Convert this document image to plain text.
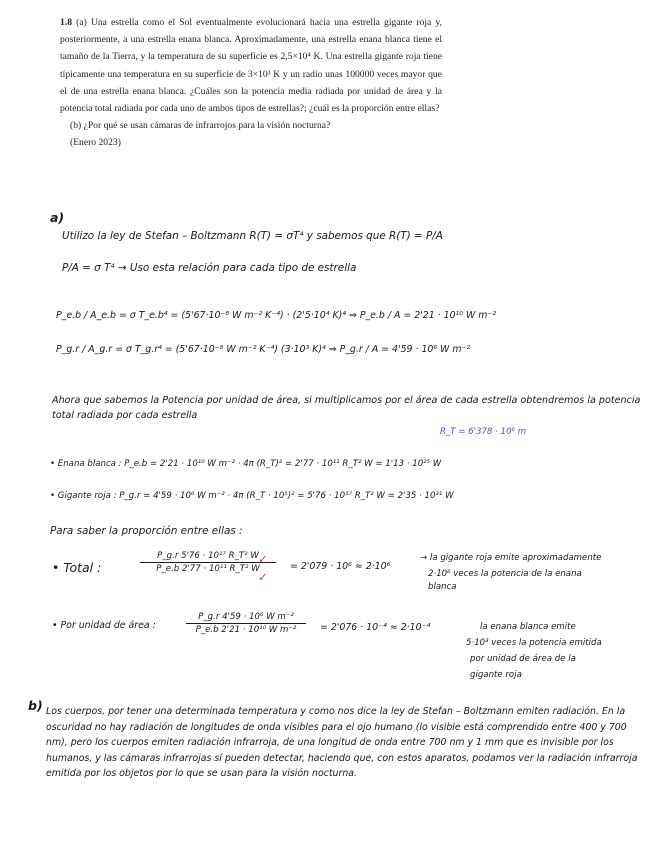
1.8 (a) Una estrella como el Sol eventualmente evolucionará hacia una estrella gigante roja y, posteriormente, a una estrella enana blanca. Aproximadamente, una estrella enana blanca tiene el tamaño de la Tierra, y la temperatura de su superficie es 2,5×10⁴ K. Una estrella gigante roja tiene típicamente una temperatura en su superficie de 3×10³ K y un radio unas 100000 veces mayor que el de una estrella enana blanca. ¿Cuáles son la potencia media radiada por unidad de área y la potencia total radiada por cada uno de ambos tipos de estrellas?; ¿cuál es la proporción entre ellas?
(b) ¿Por qué se usan cámaras de infrarrojos para la visión nocturna?
(Enero 2023)
a)
Utilizo la ley de Stefan – Boltzmann R(T) = σT⁴ y sabemos que R(T) = P/A
P/A = σ T⁴ → Uso esta relación para cada tipo de estrella
P_e.b / A_e.b = σ T_e.b⁴ = (5'67·10⁻⁸ W m⁻² K⁻⁴) · (2'5·10⁴ K)⁴ ⇒ P_e.b / A = 2'21 · 10¹⁰ W m⁻²
P_g.r / A_g.r = σ T_g.r⁴ = (5'67·10⁻⁸ W m⁻² K⁻⁴) (3·10³ K)⁴ ⇒ P_g.r / A = 4'59 · 10⁶ W m⁻²
Ahora que sabemos la Potencia por unidad de área, si multiplicamos por el área de cada estrella obtendremos la potencia total radiada por cada estrella
R_T = 6'378 · 10⁶ m
• Enana blanca : P_e.b = 2'21 · 10¹⁰ W m⁻² · 4π (R_T)² = 2'77 · 10¹¹ R_T² W = 1'13 · 10²⁵ W
• Gigante roja : P_g.r = 4'59 · 10⁶ W m⁻² · 4π (R_T · 10⁵)² = 5'76 · 10¹⁷ R_T² W = 2'35 · 10³¹ W
Para saber la proporción entre ellas :
• Total :
P_g.r 5'76 · 10¹⁷ R_T² W
P_e.b 2'77 · 10¹¹ R_T² W
✓
✓
= 2'079 · 10⁶ ≈ 2·10⁶
→ la gigante roja emite aproximadamente
2·10⁶ veces la potencia de la enana
blanca
• Por unidad de área :
P_g.r 4'59 · 10⁶ W m⁻²
P_e.b 2'21 · 10¹⁰ W m⁻²	= 2'076 · 10⁻⁴ ≈ 2·10⁻⁴	la enana blanca emite
5·10³ veces la potencia emitida
por unidad de área de la
gigante roja
b) Los cuerpos, por tener una determinada temperatura y como nos dice la ley de Stefan – Boltzmann emiten radiación. En la oscuridad no hay radiación de longitudes de onda visibles para el ojo humano (lo visible está comprendido entre 400 y 700 nm), pero los cuerpos emiten radiación infrarroja, de una longitud de onda entre 700 nm y 1 mm que es invisible por los humanos, y las cámaras infrarrojas sí pueden detectar, haciendo que, con estos aparatos, podamos ver la radiación infrarroja emitida por los objetos por lo que se usan para la visión nocturna.
